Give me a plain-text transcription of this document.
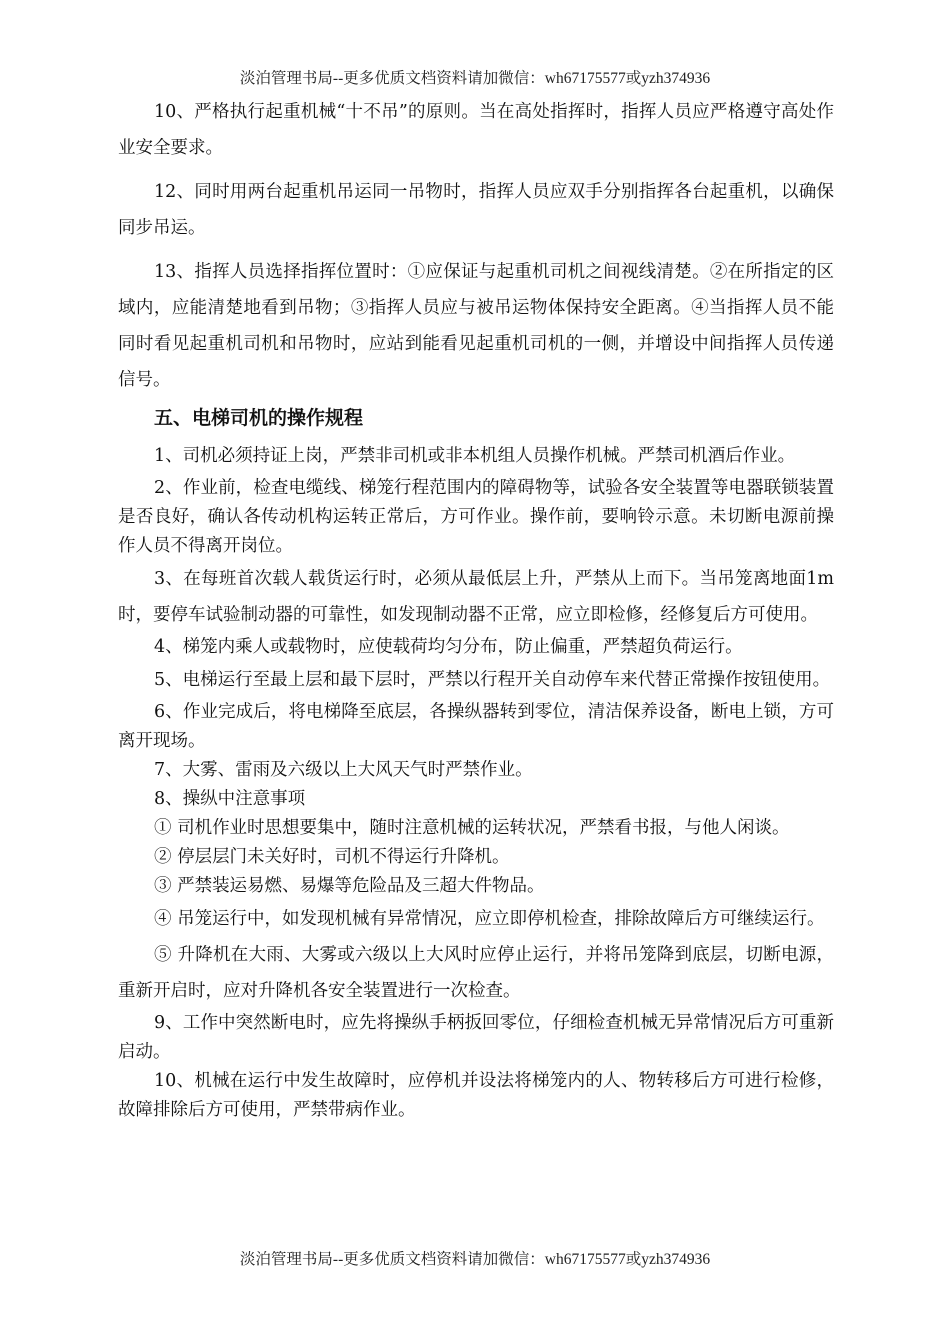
淡泊管理书局--更多优质文档资料请加微信：wh67175577或yzh374936

10、严格执行起重机械“十不吊”的原则。当在高处指挥时，指挥人员应严格遵守高处作业安全要求。

12、同时用两台起重机吊运同一吊物时，指挥人员应双手分别指挥各台起重机，以确保同步吊运。

13、指挥人员选择指挥位置时：①应保证与起重机司机之间视线清楚。②在所指定的区域内，应能清楚地看到吊物；③指挥人员应与被吊运物体保持安全距离。④当指挥人员不能同时看见起重机司机和吊物时，应站到能看见起重机司机的一侧，并增设中间指挥人员传递信号。

五、电梯司机的操作规程

1、司机必须持证上岗，严禁非司机或非本机组人员操作机械。严禁司机酒后作业。

2、作业前，检查电缆线、梯笼行程范围内的障碍物等，试验各安全装置等电器联锁装置是否良好，确认各传动机构运转正常后，方可作业。操作前，要响铃示意。未切断电源前操作人员不得离开岗位。

3、在每班首次载人载货运行时，必须从最低层上升，严禁从上而下。当吊笼离地面1m时，要停车试验制动器的可靠性，如发现制动器不正常，应立即检修，经修复后方可使用。

4、梯笼内乘人或载物时，应使载荷均匀分布，防止偏重，严禁超负荷运行。

5、电梯运行至最上层和最下层时，严禁以行程开关自动停车来代替正常操作按钮使用。

6、作业完成后，将电梯降至底层，各操纵器转到零位，清洁保养设备，断电上锁，方可离开现场。

7、大雾、雷雨及六级以上大风天气时严禁作业。

8、操纵中注意事项

① 司机作业时思想要集中，随时注意机械的运转状况，严禁看书报，与他人闲谈。

② 停层层门未关好时，司机不得运行升降机。

③ 严禁装运易燃、易爆等危险品及三超大件物品。

④ 吊笼运行中，如发现机械有异常情况，应立即停机检查，排除故障后方可继续运行。

⑤ 升降机在大雨、大雾或六级以上大风时应停止运行，并将吊笼降到底层，切断电源，重新开启时，应对升降机各安全装置进行一次检查。

9、工作中突然断电时，应先将操纵手柄扳回零位，仔细检查机械无异常情况后方可重新启动。

10、机械在运行中发生故障时，应停机并设法将梯笼内的人、物转移后方可进行检修，故障排除后方可使用，严禁带病作业。

淡泊管理书局--更多优质文档资料请加微信：wh67175577或yzh374936
